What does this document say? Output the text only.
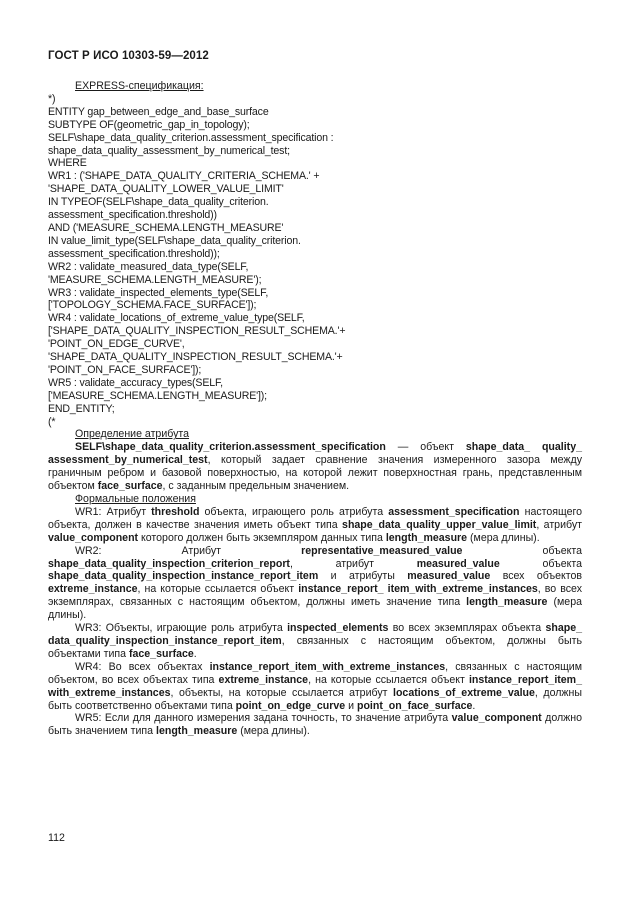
ГОСТ Р ИСО 10303-59—2012
EXPRESS-спецификация:
*)
ENTITY gap_between_edge_and_base_surface
SUBTYPE OF(geometric_gap_in_topology);
SELF\shape_data_quality_criterion.assessment_specification :
shape_data_quality_assessment_by_numerical_test;
WHERE
WR1 : ('SHAPE_DATA_QUALITY_CRITERIA_SCHEMA.' +
'SHAPE_DATA_QUALITY_LOWER_VALUE_LIMIT'
IN TYPEOF(SELF\shape_data_quality_criterion.
assessment_specification.threshold))
AND ('MEASURE_SCHEMA.LENGTH_MEASURE'
IN value_limit_type(SELF\shape_data_quality_criterion.
assessment_specification.threshold));
WR2 : validate_measured_data_type(SELF,
'MEASURE_SCHEMA.LENGTH_MEASURE');
WR3 : validate_inspected_elements_type(SELF,
['TOPOLOGY_SCHEMA.FACE_SURFACE']);
WR4 : validate_locations_of_extreme_value_type(SELF,
['SHAPE_DATA_QUALITY_INSPECTION_RESULT_SCHEMA.'+
'POINT_ON_EDGE_CURVE',
'SHAPE_DATA_QUALITY_INSPECTION_RESULT_SCHEMA.'+
'POINT_ON_FACE_SURFACE']);
WR5 : validate_accuracy_types(SELF,
['MEASURE_SCHEMA.LENGTH_MEASURE']);
END_ENTITY;
(*
Определение атрибута
SELF\shape_data_quality_criterion.assessment_specification — объект shape_data_ quality_ assessment_by_numerical_test, который задает сравнение значения измеренного зазора между граничным ребром и базовой поверхностью, на которой лежит поверхностная грань, представленным объектом face_surface, с заданным предельным значением.
Формальные положения
WR1: Атрибут threshold объекта, играющего роль атрибута assessment_specification настоящего объекта, должен в качестве значения иметь объект типа shape_data_quality_upper_value_limit, атрибут value_component которого должен быть экземпляром данных типа length_measure (мера длины).
WR2: Атрибут representative_measured_value объекта shape_data_quality_inspection_criterion_report, атрибут measured_value объекта shape_data_quality_inspection_instance_report_item и атрибуты measured_value всех объектов extreme_instance, на которые ссылается объект instance_report_ item_with_extreme_instances, во всех экземплярах, связанных с настоящим объектом, должны иметь значение типа length_measure (мера длины).
WR3: Объекты, играющие роль атрибута inspected_elements во всех экземплярах объекта shape_ data_quality_inspection_instance_report_item, связанных с настоящим объектом, должны быть объектами типа face_surface.
WR4: Во всех объектах instance_report_item_with_extreme_instances, связанных с настоящим объектом, во всех объектах типа extreme_instance, на которые ссылается объект instance_report_item_ with_extreme_instances, объекты, на которые ссылается атрибут locations_of_extreme_value, должны быть соответственно объектами типа point_on_edge_curve и point_on_face_surface.
WR5: Если для данного измерения задана точность, то значение атрибута value_component должно быть значением типа length_measure (мера длины).
112
